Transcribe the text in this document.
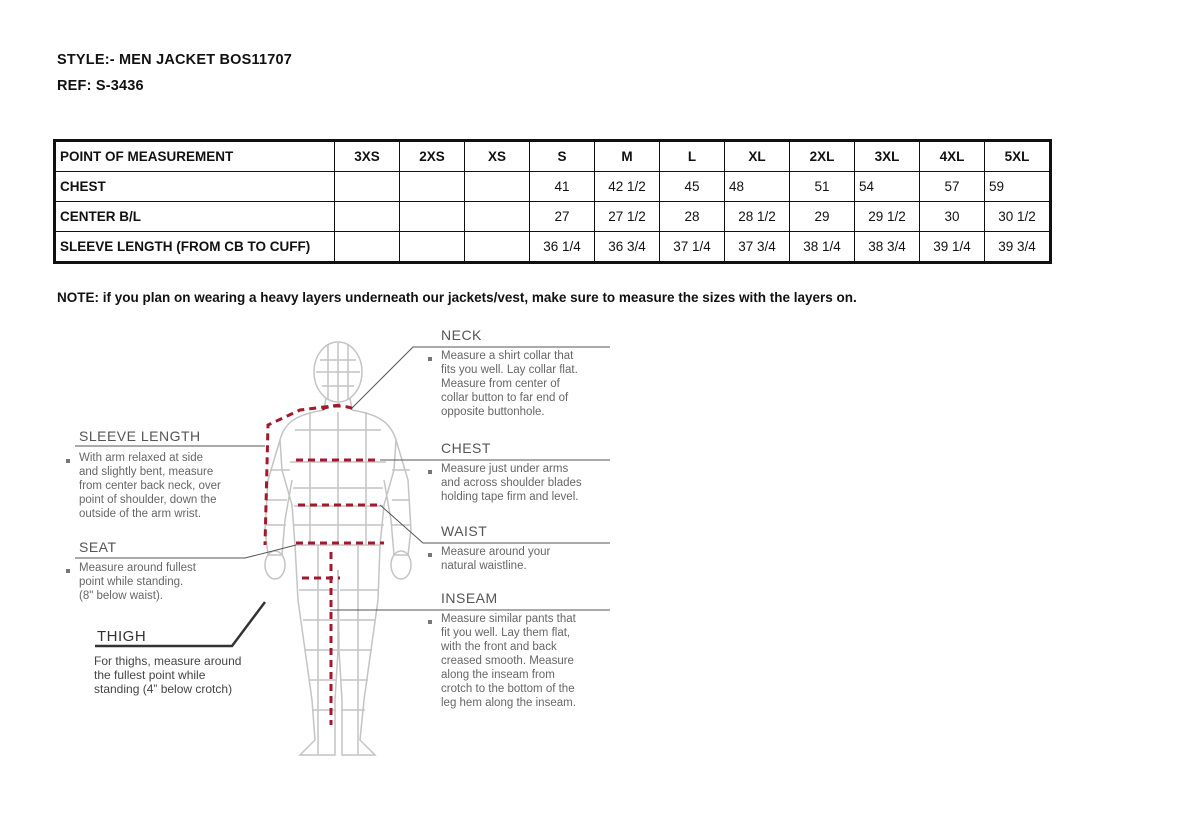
STYLE:- MEN JACKET BOS11707
REF: S-3436
POINT OF MEASUREMENT	3XS	2XS	XS	S	M	L	XL	2XL	3XL	4XL	5XL
CHEST				41	42 1/2	45	48	51	54	57	59
CENTER B/L				27	27 1/2	28	28 1/2	29	29 1/2	30	30 1/2
SLEEVE LENGTH (FROM CB TO CUFF)				36 1/4	36 3/4	37 1/4	37 3/4	38 1/4	38 3/4	39 1/4	39 3/4
NOTE: if you plan on wearing a heavy layers underneath our jackets/vest, make sure to measure the sizes with the layers on.
NECK
Measure a shirt collar that
fits you well. Lay collar flat.
Measure from center of
collar button to far end of
opposite buttonhole.
CHEST
Measure just under arms
and across shoulder blades
holding tape firm and level.
WAIST
Measure around your
natural waistline.
INSEAM
Measure similar pants that
fit you well. Lay them flat,
with the front and back
creased smooth. Measure
along the inseam from
crotch to the bottom of the
leg hem along the inseam.
SLEEVE LENGTH
With arm relaxed at side
and slightly bent, measure
from center back neck, over
point of shoulder, down the
outside of the arm wrist.
SEAT
Measure around fullest
point while standing.
(8" below waist).
THIGH
For thighs, measure around
the fullest point while
standing (4” below crotch)
